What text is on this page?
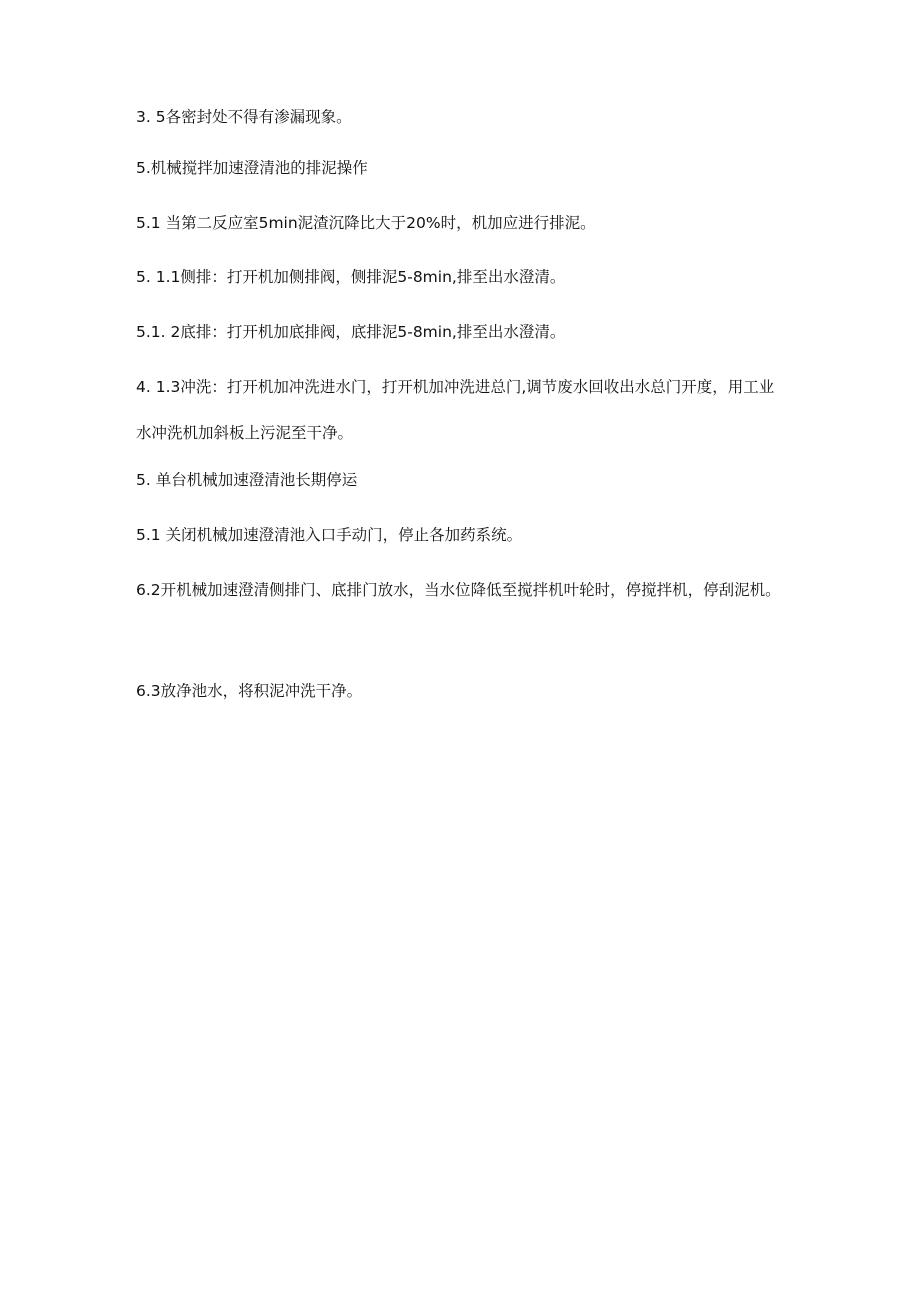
3. 5各密封处不得有渗漏现象。

5.机械搅拌加速澄清池的排泥操作

5.1 当第二反应室5min泥渣沉降比大于20%时，机加应进行排泥。

5. 1.1侧排：打开机加侧排阀，侧排泥5-8min,排至出水澄清。

5.1. 2底排：打开机加底排阀，底排泥5-8min,排至出水澄清。

4. 1.3冲洗：打开机加冲洗进水门，打开机加冲洗进总门,调节废水回收出水总门开度，用工业水冲洗机加斜板上污泥至干净。

5. 单台机械加速澄清池长期停运

5.1 关闭机械加速澄清池入口手动门，停止各加药系统。

6.2开机械加速澄清侧排门、底排门放水，当水位降低至搅拌机叶轮时，停搅拌机，停刮泥机。

6.3放净池水，将积泥冲洗干净。
